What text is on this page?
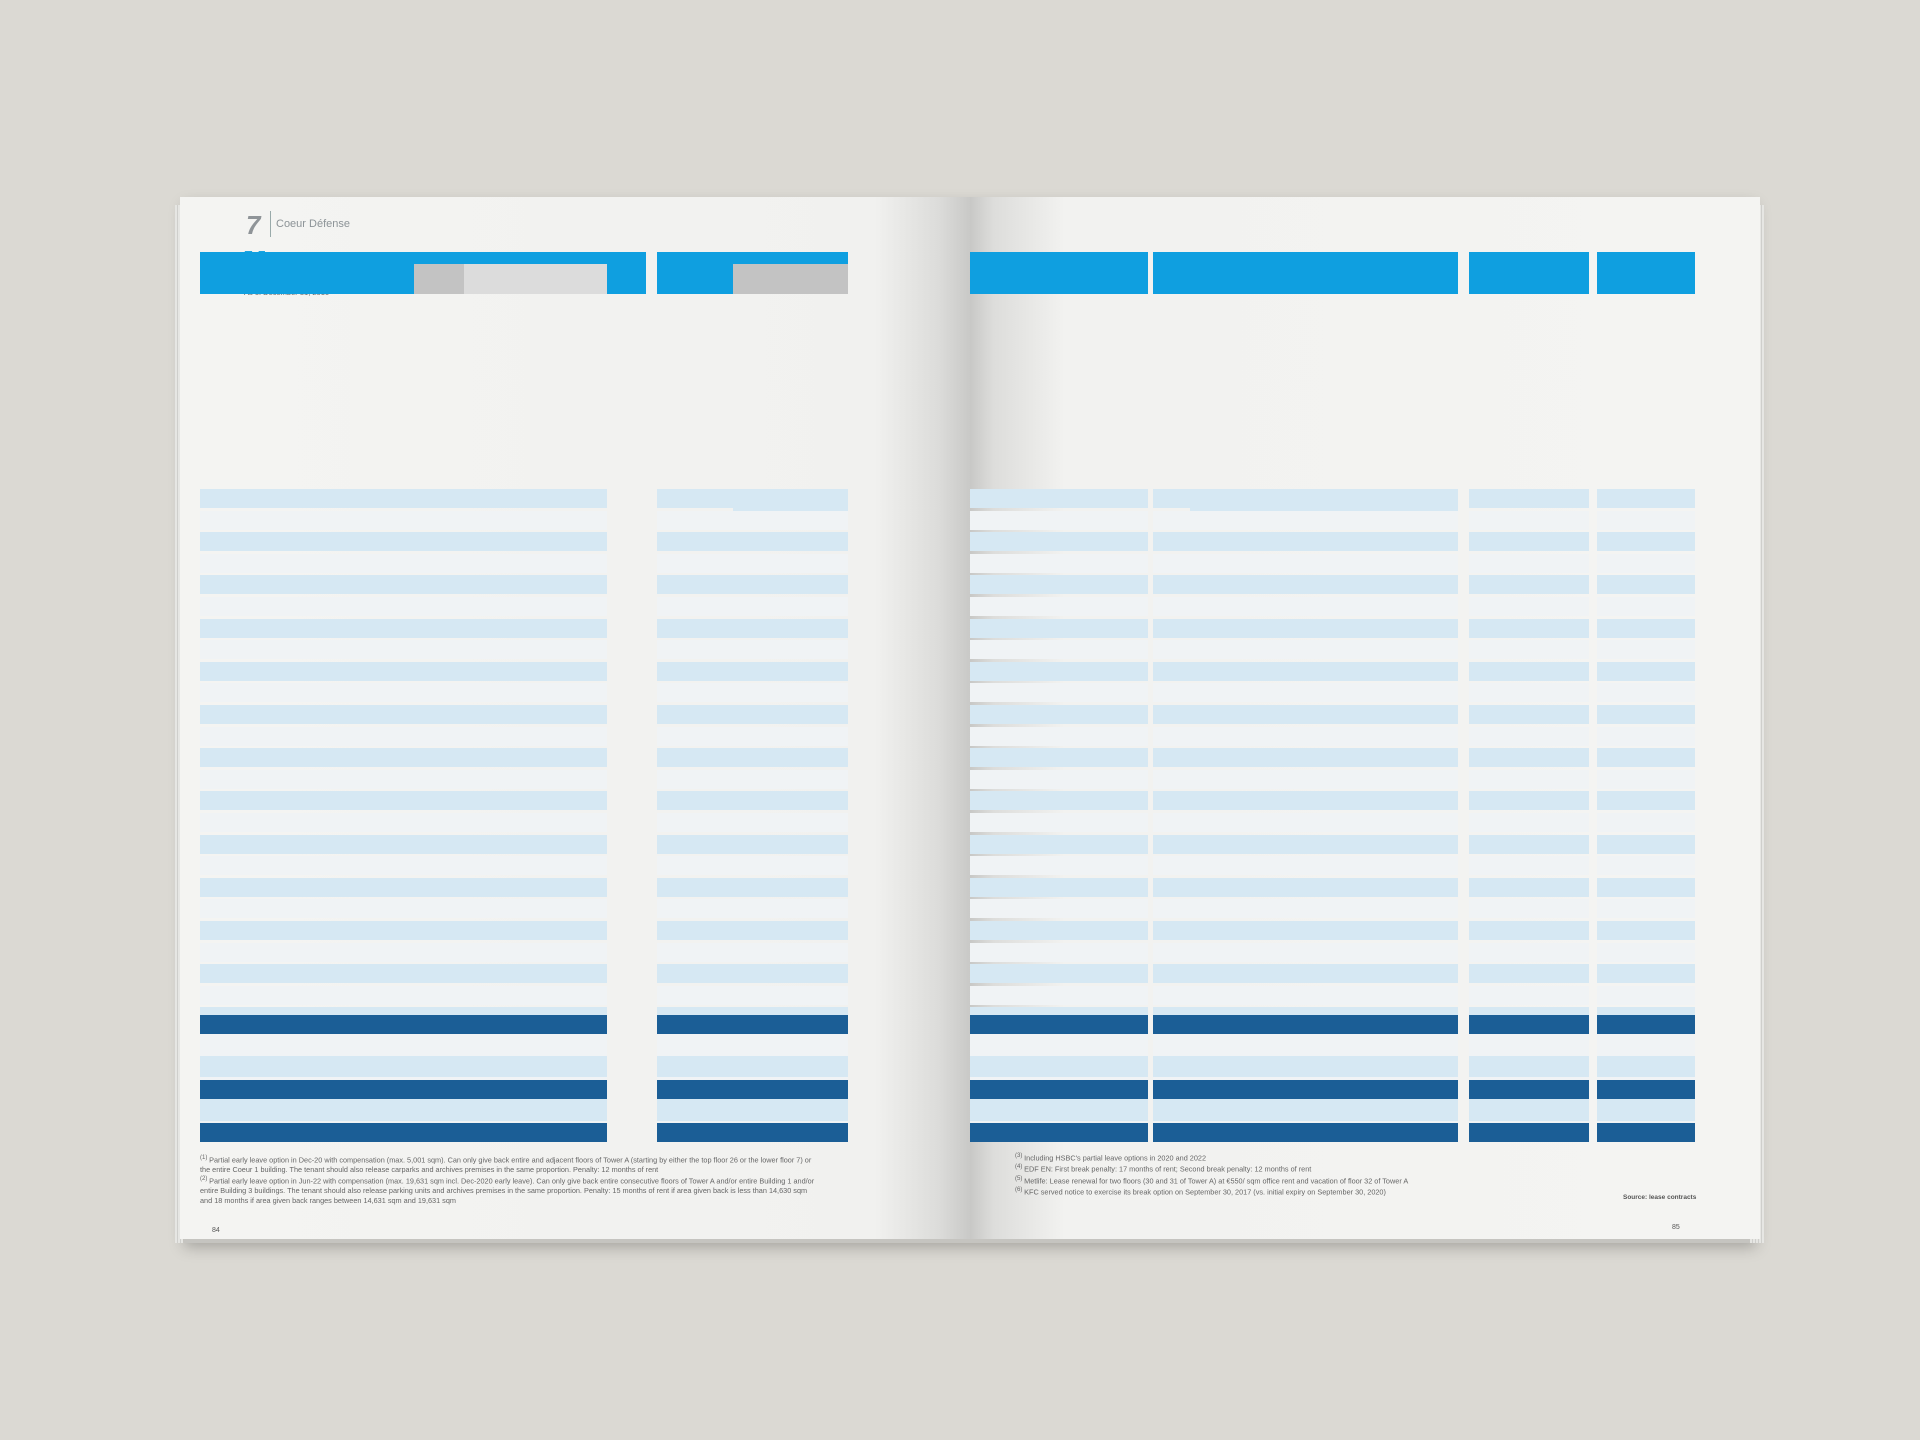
7 Coeur Défense
$^{(1)}$ Partial early leave option in Dec-20 with compensation (max. 5,001 sqm). Can only give back entire and adjacent floors of Tower A (starting by either the top floor 26 or the lower floor 7) or the entire Coeur 1 building. The tenant should also release carparks and archives premises in the same proportion. Penalty: 12 months of rent
$^{(2)}$ Partial early leave option in Jun-22 with compensation (max. 19,631 sqm incl. Dec-2020 early leave). Can only give back entire consecutive floors of Tower A and/or entire Building 1 and/or entire Building 3 buildings. The tenant should also release parking units and archives premises in the same proportion. Penalty: 15 months of rent if area given back is less than 14,630 sqm and 18 months if area given back ranges between 14,631 sqm and 19,631 sqm
84
$^{(3)}$ Including HSBC's partial leave options in 2020 and 2022
$^{(4)}$ EDF EN: First break penalty: 17 months of rent; Second break penalty: 12 months of rent
$^{(5)}$ Metlife: Lease renewal for two floors (30 and 31 of Tower A) at €550/ sqm office rent and vacation of floor 32 of Tower A
$^{(6)}$ KFC served notice to exercise its break option on September 30, 2017 (vs. initial expiry on September 30, 2020)
Source: lease contracts
85
